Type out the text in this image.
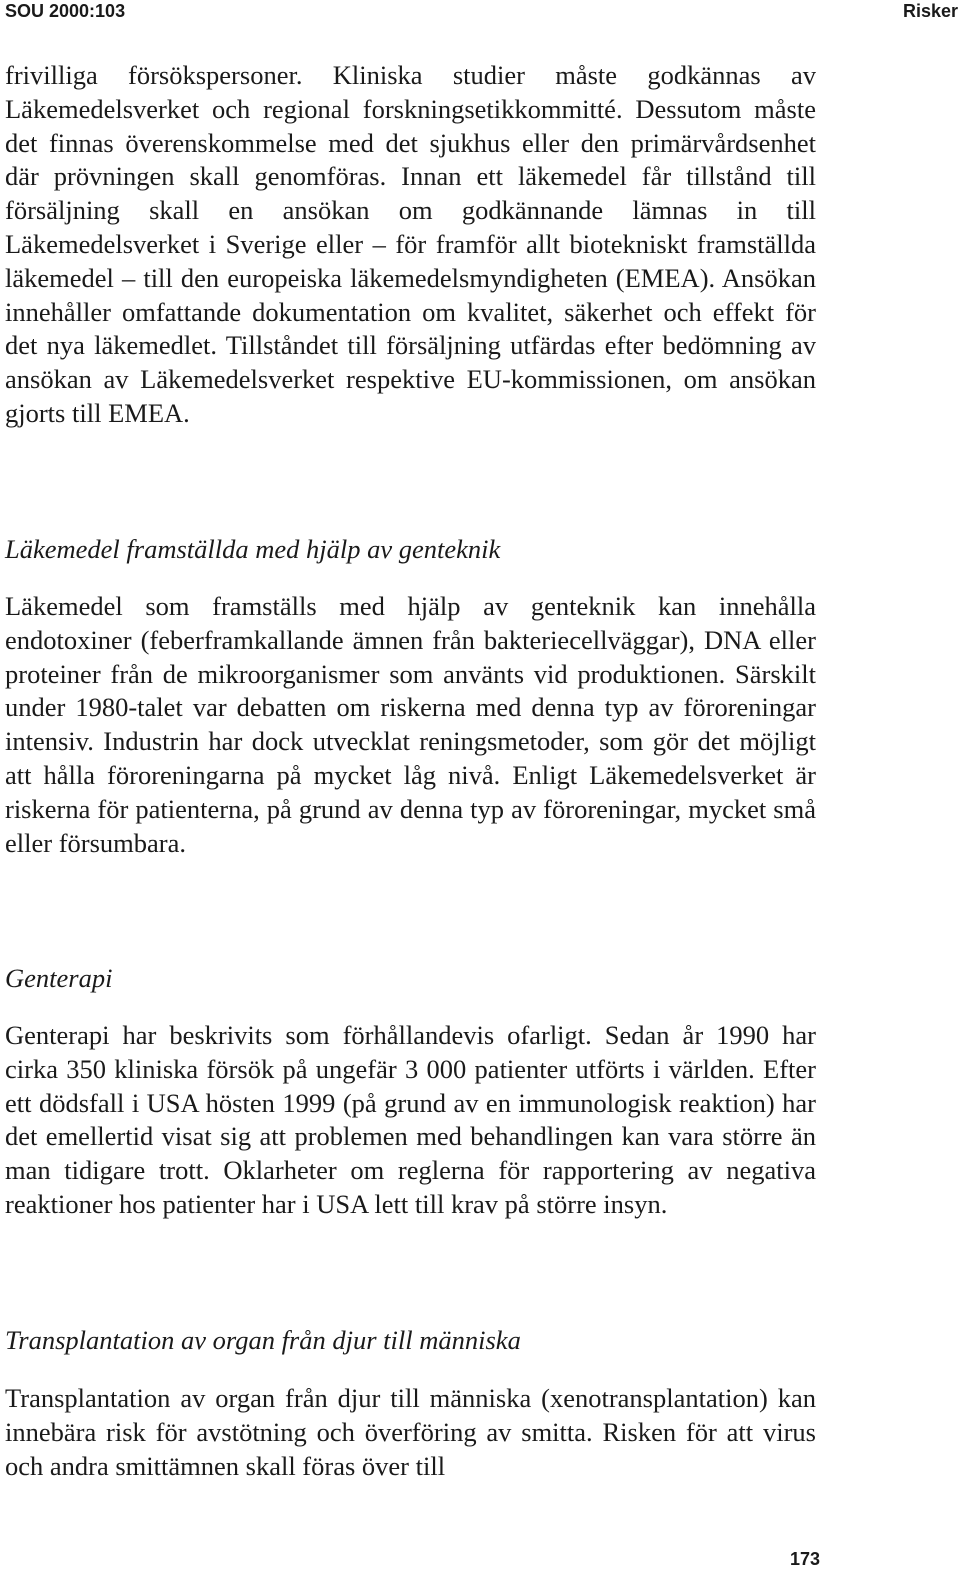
SOU 2000:103	Risker

frivilliga försökspersoner. Kliniska studier måste godkännas av Läkemedelsverket och regional forskningsetikkommitté. Dessutom måste det finnas överenskommelse med det sjukhus eller den primärvårdsenhet där prövningen skall genomföras. Innan ett läkemedel får tillstånd till försäljning skall en ansökan om godkännande lämnas in till Läkemedelsverket i Sverige eller – för framför allt biotekniskt framställda läkemedel – till den europeiska läkemedelsmyndigheten (EMEA). Ansökan innehåller omfattande dokumentation om kvalitet, säkerhet och effekt för det nya läkemedlet. Tillståndet till försäljning utfärdas efter bedömning av ansökan av Läkemedelsverket respektive EU-kommissionen, om ansökan gjorts till EMEA.

Läkemedel framställda med hjälp av genteknik

Läkemedel som framställs med hjälp av genteknik kan innehålla endotoxiner (feberframkallande ämnen från bakteriecellväggar), DNA eller proteiner från de mikroorganismer som använts vid produktionen. Särskilt under 1980-talet var debatten om riskerna med denna typ av föroreningar intensiv. Industrin har dock utvecklat reningsmetoder, som gör det möjligt att hålla föroreningarna på mycket låg nivå. Enligt Läkemedelsverket är riskerna för patienterna, på grund av denna typ av föroreningar, mycket små eller försumbara.

Genterapi

Genterapi har beskrivits som förhållandevis ofarligt. Sedan år 1990 har cirka 350 kliniska försök på ungefär 3 000 patienter utförts i världen. Efter ett dödsfall i USA hösten 1999 (på grund av en immunologisk reaktion) har det emellertid visat sig att problemen med behandlingen kan vara större än man tidigare trott. Oklarheter om reglerna för rapportering av negativa reaktioner hos patienter har i USA lett till krav på större insyn.

Transplantation av organ från djur till människa

Transplantation av organ från djur till människa (xenotransplantation) kan innebära risk för avstötning och överföring av smitta. Risken för att virus och andra smittämnen skall föras över till

173
